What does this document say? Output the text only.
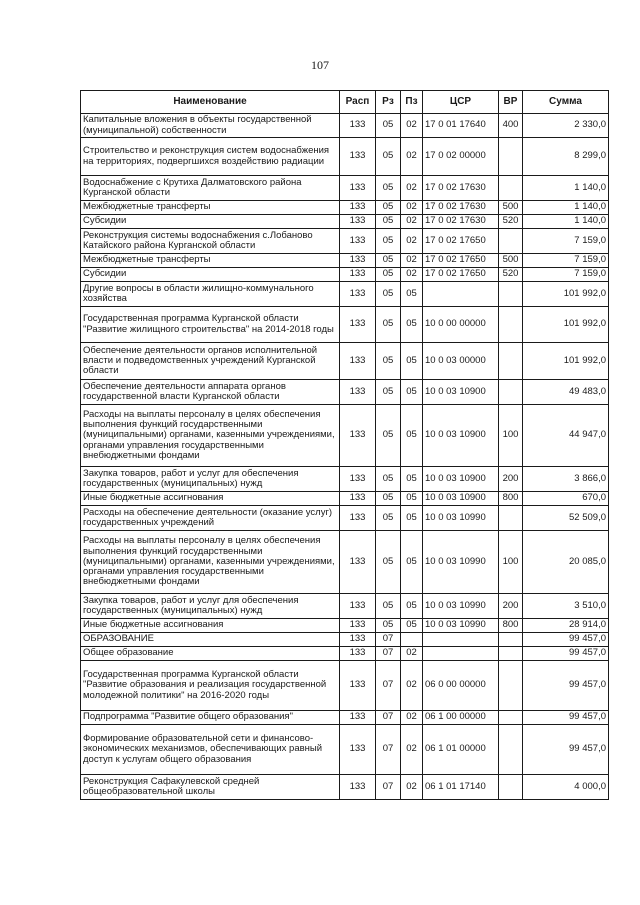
107
Наименование	Расп	Рз	Пз	ЦСР	ВР	Сумма
Капитальные вложения в объекты государственной (муниципальной) собственности	133	05	02	17 0 01 17640	400	2 330,0
Строительство и реконструкция систем водоснабжения на территориях, подвергшихся воздействию радиации	133	05	02	17 0 02 00000		8 299,0
Водоснабжение с Крутиха Далматовского района Курганской области	133	05	02	17 0 02 17630		1 140,0
Межбюджетные трансферты	133	05	02	17 0 02 17630	500	1 140,0
Субсидии	133	05	02	17 0 02 17630	520	1 140,0
Реконструкция системы водоснабжения с.Лобаново Катайского района Курганской области	133	05	02	17 0 02 17650		7 159,0
Межбюджетные трансферты	133	05	02	17 0 02 17650	500	7 159,0
Субсидии	133	05	02	17 0 02 17650	520	7 159,0
Другие вопросы в области жилищно-коммунального хозяйства	133	05	05			101 992,0
Государственная программа Курганской области "Развитие жилищного строительства" на 2014-2018 годы	133	05	05	10 0 00 00000		101 992,0
Обеспечение деятельности органов исполнительной власти и подведомственных учреждений Курганской области	133	05	05	10 0 03 00000		101 992,0
Обеспечение деятельности аппарата органов государственной власти Курганской области	133	05	05	10 0 03 10900		49 483,0
Расходы на выплаты персоналу в целях обеспечения выполнения функций государственными (муниципальными) органами, казенными учреждениями, органами управления государственными внебюджетными фондами	133	05	05	10 0 03 10900	100	44 947,0
Закупка товаров, работ и услуг для обеспечения государственных (муниципальных) нужд	133	05	05	10 0 03 10900	200	3 866,0
Иные бюджетные ассигнования	133	05	05	10 0 03 10900	800	670,0
Расходы на обеспечение деятельности (оказание услуг) государственных учреждений	133	05	05	10 0 03 10990		52 509,0
Расходы на выплаты персоналу в целях обеспечения выполнения функций государственными (муниципальными) органами, казенными учреждениями, органами управления государственными внебюджетными фондами	133	05	05	10 0 03 10990	100	20 085,0
Закупка товаров, работ и услуг для обеспечения государственных (муниципальных) нужд	133	05	05	10 0 03 10990	200	3 510,0
Иные бюджетные ассигнования	133	05	05	10 0 03 10990	800	28 914,0
ОБРАЗОВАНИЕ	133	07				99 457,0
Общее образование	133	07	02			99 457,0
Государственная программа Курганской области "Развитие образования и реализация государственной молодежной политики" на 2016-2020 годы	133	07	02	06 0 00 00000		99 457,0
Подпрограмма "Развитие общего образования"	133	07	02	06 1 00 00000		99 457,0
Формирование образовательной сети и финансово-экономических механизмов, обеспечивающих равный доступ к услугам общего образования	133	07	02	06 1 01 00000		99 457,0
Реконструкция Сафакулевской средней общеобразовательной школы	133	07	02	06 1 01 17140		4 000,0
